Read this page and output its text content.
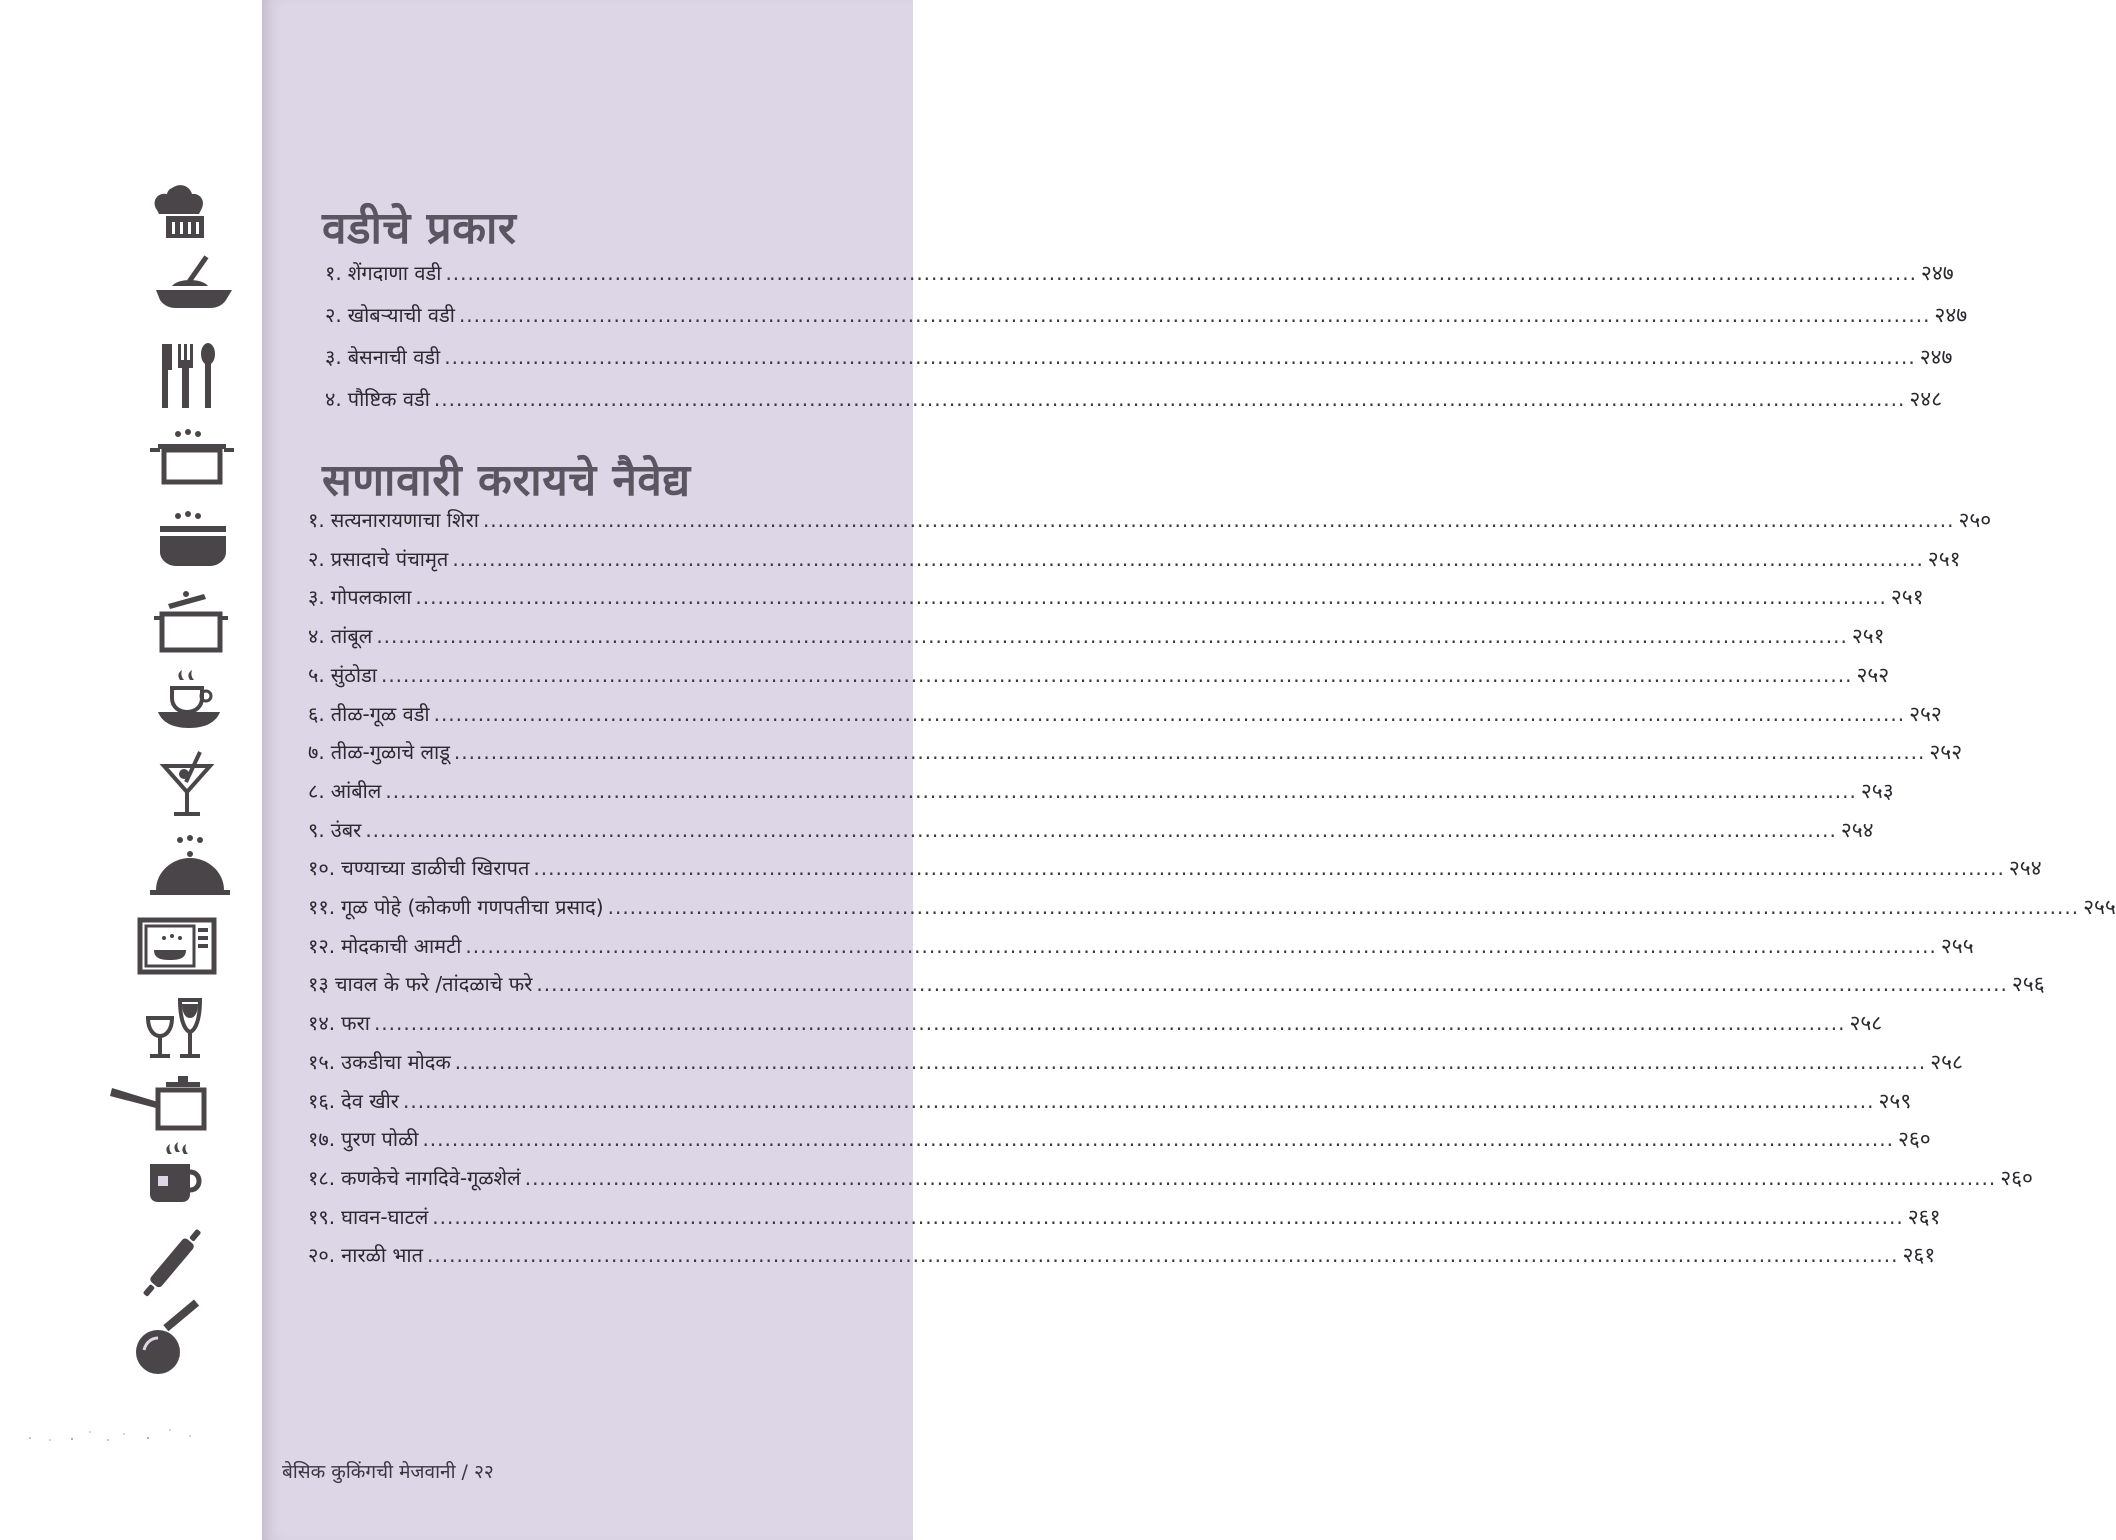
वडीचे प्रकार
१. शेंगदाणा वडी ........................................................................................................................................................................................................ २४७
२. खोबऱ्याची वडी ........................................................................................................................................................................................................ २४७
३. बेसनाची वडी ........................................................................................................................................................................................................ २४७
४. पौष्टिक वडी ........................................................................................................................................................................................................ २४८
सणावारी करायचे नैवेद्य
१. सत्यनारायणाचा शिरा ........................................................................................................................................................................................................ २५०
२. प्रसादाचे पंचामृत ........................................................................................................................................................................................................ २५१
३. गोपलकाला ........................................................................................................................................................................................................ २५१
४. तांबूल ........................................................................................................................................................................................................ २५१
५. सुंठोडा ........................................................................................................................................................................................................ २५२
६. तीळ-गूळ वडी ........................................................................................................................................................................................................ २५२
७. तीळ-गुळाचे लाडू ........................................................................................................................................................................................................ २५२
८. आंबील ........................................................................................................................................................................................................ २५३
९. उंबर ........................................................................................................................................................................................................ २५४
१०. चण्याच्या डाळीची खिरापत ........................................................................................................................................................................................................ २५४
११. गूळ पोहे (कोकणी गणपतीचा प्रसाद) ........................................................................................................................................................................................................ २५५
१२. मोदकाची आमटी ........................................................................................................................................................................................................ २५५
१३ चावल के फरे /तांदळाचे फरे ........................................................................................................................................................................................................ २५६
१४. फरा ........................................................................................................................................................................................................ २५८
१५. उकडीचा मोदक ........................................................................................................................................................................................................ २५८
१६. देव खीर ........................................................................................................................................................................................................ २५९
१७. पुरण पोळी ........................................................................................................................................................................................................ २६०
१८. कणकेचे नागदिवे-गूळशेलं ........................................................................................................................................................................................................ २६०
१९. घावन-घाटलं ........................................................................................................................................................................................................ २६१
२०. नारळी भात ........................................................................................................................................................................................................ २६१
बेसिक कुकिंगची मेजवानी / २२
